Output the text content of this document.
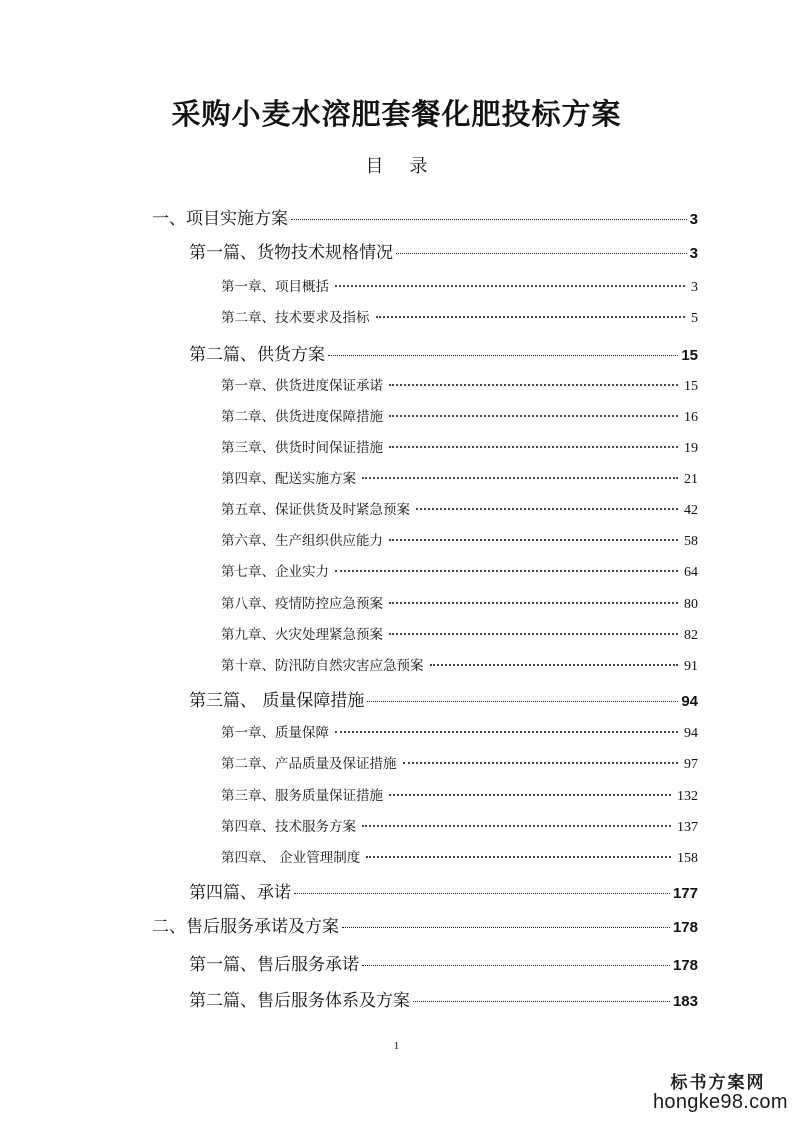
采购小麦水溶肥套餐化肥投标方案
目 录
一、项目实施方案	3
第一篇、货物技术规格情况	3
第一章、项目概括	3
第二章、技术要求及指标	5
第二篇、供货方案	15
第一章、供货进度保证承诺	15
第二章、供货进度保障措施	16
第三章、供货时间保证措施	19
第四章、配送实施方案	21
第五章、保证供货及时紧急预案	42
第六章、生产组织供应能力	58
第七章、企业实力	64
第八章、疫情防控应急预案	80
第九章、火灾处理紧急预案	82
第十章、防汛防自然灾害应急预案	91
第三篇、 质量保障措施	94
第一章、质量保障	94
第二章、产品质量及保证措施	97
第三章、服务质量保证措施	132
第四章、技术服务方案	137
第四章、 企业管理制度	158
第四篇、承诺	177
二、售后服务承诺及方案	178
第一篇、售后服务承诺	178
第二篇、售后服务体系及方案	183
1
标书方案网
hongke98.com
